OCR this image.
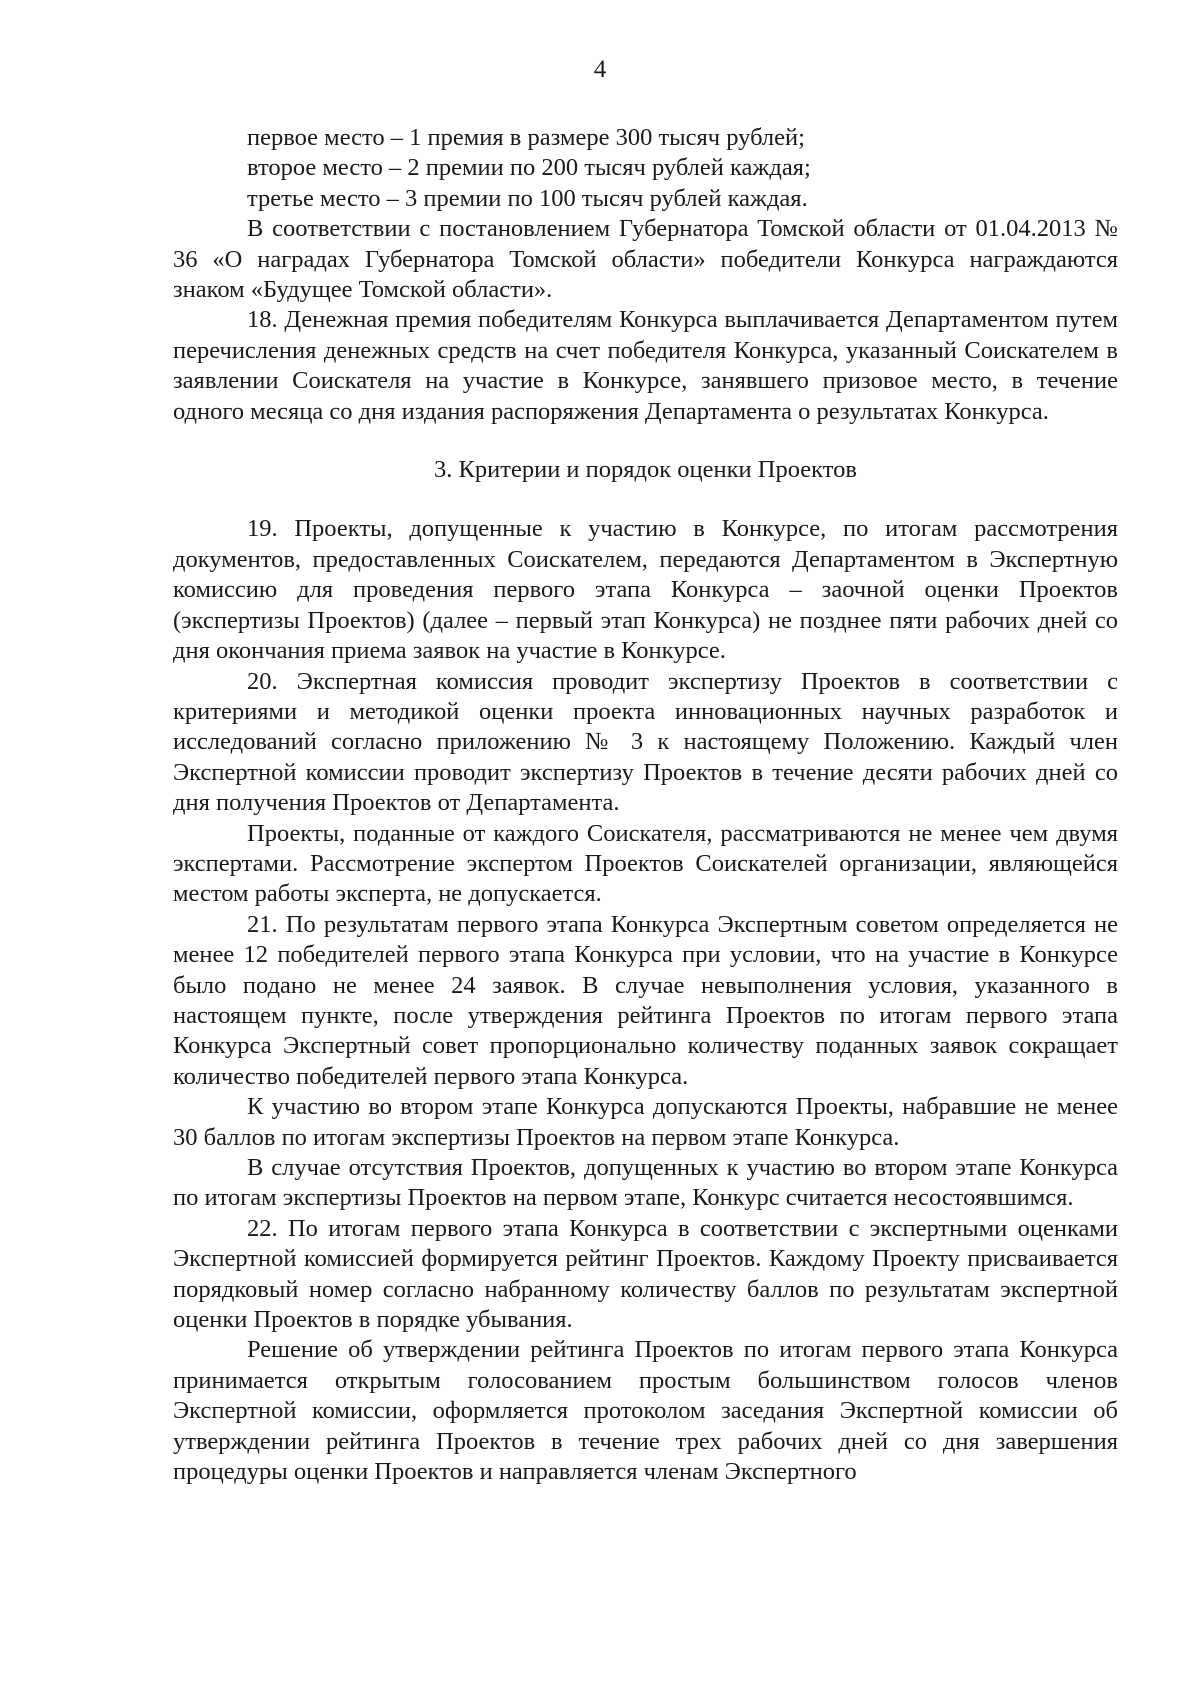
4

первое место – 1 премия в размере 300 тысяч рублей;

второе место – 2 премии по 200 тысяч рублей каждая;

третье место – 3 премии по 100 тысяч рублей каждая.

В соответствии с постановлением Губернатора Томской области от 01.04.2013 № 36 «О наградах Губернатора Томской области» победители Конкурса награждаются знаком «Будущее Томской области».

18. Денежная премия победителям Конкурса выплачивается Департаментом путем перечисления денежных средств на счет победителя Конкурса, указанный Соискателем в заявлении Соискателя на участие в Конкурсе, занявшего призовое место, в течение одного месяца со дня издания распоряжения Департамента о результатах Конкурса.

3. Критерии и порядок оценки Проектов

19. Проекты, допущенные к участию в Конкурсе, по итогам рассмотрения документов, предоставленных Соискателем, передаются Департаментом в Экспертную комиссию для проведения первого этапа Конкурса – заочной оценки Проектов (экспертизы Проектов) (далее – первый этап Конкурса) не позднее пяти рабочих дней со дня окончания приема заявок на участие в Конкурсе.

20. Экспертная комиссия проводит экспертизу Проектов в соответствии с критериями и методикой оценки проекта инновационных научных разработок и исследований согласно приложению № 3 к настоящему Положению. Каждый член Экспертной комиссии проводит экспертизу Проектов в течение десяти рабочих дней со дня получения Проектов от Департамента.

Проекты, поданные от каждого Соискателя, рассматриваются не менее чем двумя экспертами. Рассмотрение экспертом Проектов Соискателей организации, являющейся местом работы эксперта, не допускается.

21. По результатам первого этапа Конкурса Экспертным советом определяется не менее 12 победителей первого этапа Конкурса при условии, что на участие в Конкурсе было подано не менее 24 заявок. В случае невыполнения условия, указанного в настоящем пункте, после утверждения рейтинга Проектов по итогам первого этапа Конкурса Экспертный совет пропорционально количеству поданных заявок сокращает количество победителей первого этапа Конкурса.

К участию во втором этапе Конкурса допускаются Проекты, набравшие не менее 30 баллов по итогам экспертизы Проектов на первом этапе Конкурса.

В случае отсутствия Проектов, допущенных к участию во втором этапе Конкурса по итогам экспертизы Проектов на первом этапе, Конкурс считается несостоявшимся.

22. По итогам первого этапа Конкурса в соответствии с экспертными оценками Экспертной комиссией формируется рейтинг Проектов. Каждому Проекту присваивается порядковый номер согласно набранному количеству баллов по результатам экспертной оценки Проектов в порядке убывания.

Решение об утверждении рейтинга Проектов по итогам первого этапа Конкурса принимается открытым голосованием простым большинством голосов членов Экспертной комиссии, оформляется протоколом заседания Экспертной комиссии об утверждении рейтинга Проектов в течение трех рабочих дней со дня завершения процедуры оценки Проектов и направляется членам Экспертного
